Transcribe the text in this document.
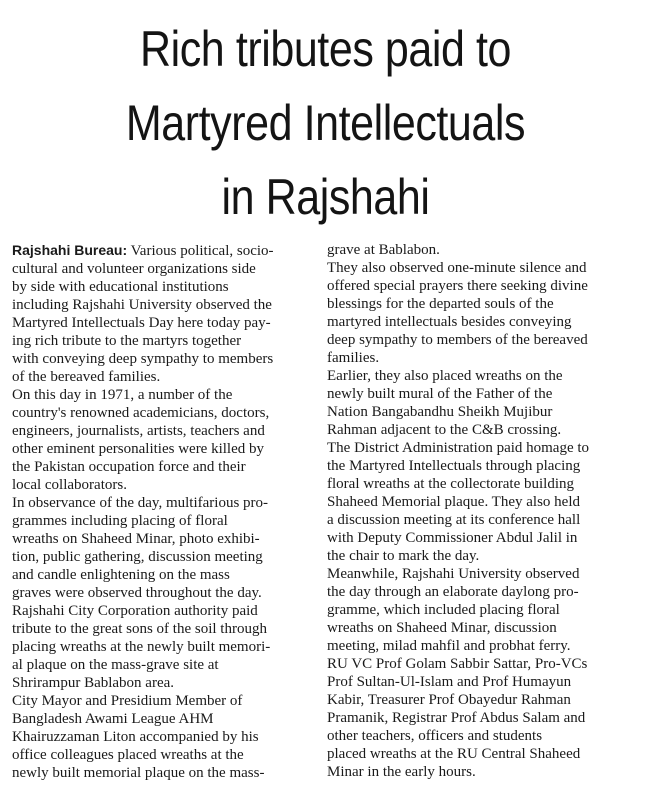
Rich tributes paid to
Martyred Intellectuals
in Rajshahi
Rajshahi Bureau: Various political, socio-
cultural and volunteer organizations side
by side with educational institutions
including Rajshahi University observed the
Martyred Intellectuals Day here today pay-
ing rich tribute to the martyrs together
with conveying deep sympathy to members
of the bereaved families.
On this day in 1971, a number of the
country's renowned academicians, doctors,
engineers, journalists, artists, teachers and
other eminent personalities were killed by
the Pakistan occupation force and their
local collaborators.
In observance of the day, multifarious pro-
grammes including placing of floral
wreaths on Shaheed Minar, photo exhibi-
tion, public gathering, discussion meeting
and candle enlightening on the mass
graves were observed throughout the day.
Rajshahi City Corporation authority paid
tribute to the great sons of the soil through
placing wreaths at the newly built memori-
al plaque on the mass-grave site at
Shrirampur Bablabon area.
City Mayor and Presidium Member of
Bangladesh Awami League AHM
Khairuzzaman Liton accompanied by his
office colleagues placed wreaths at the
newly built memorial plaque on the mass-
grave at Bablabon.
They also observed one-minute silence and
offered special prayers there seeking divine
blessings for the departed souls of the
martyred intellectuals besides conveying
deep sympathy to members of the bereaved
families.
Earlier, they also placed wreaths on the
newly built mural of the Father of the
Nation Bangabandhu Sheikh Mujibur
Rahman adjacent to the C&B crossing.
The District Administration paid homage to
the Martyred Intellectuals through placing
floral wreaths at the collectorate building
Shaheed Memorial plaque. They also held
a discussion meeting at its conference hall
with Deputy Commissioner Abdul Jalil in
the chair to mark the day.
Meanwhile, Rajshahi University observed
the day through an elaborate daylong pro-
gramme, which included placing floral
wreaths on Shaheed Minar, discussion
meeting, milad mahfil and probhat ferry.
RU VC Prof Golam Sabbir Sattar, Pro-VCs
Prof Sultan-Ul-Islam and Prof Humayun
Kabir, Treasurer Prof Obayedur Rahman
Pramanik, Registrar Prof Abdus Salam and
other teachers, officers and students
placed wreaths at the RU Central Shaheed
Minar in the early hours.
